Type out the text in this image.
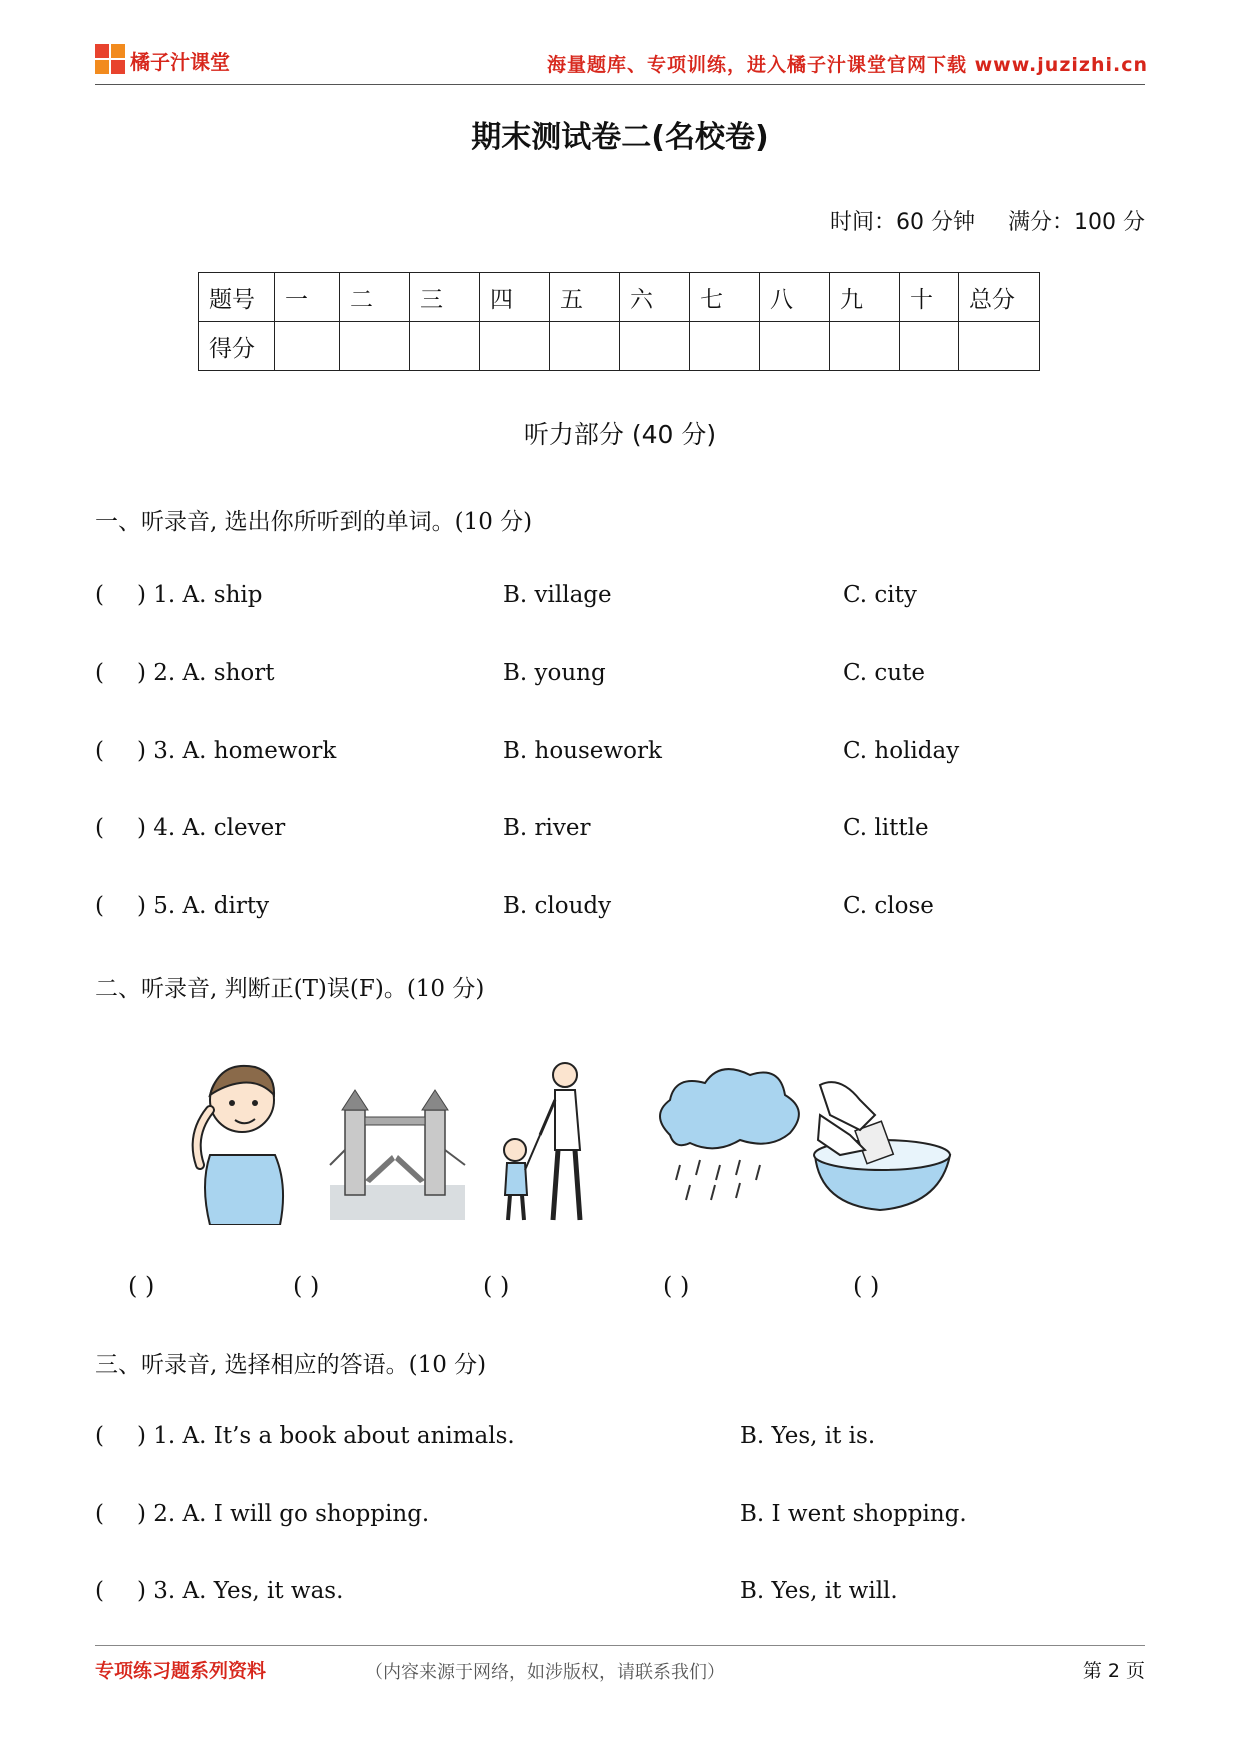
橘子汁课堂	海量题库、专项训练，进入橘子汁课堂官网下载 www.juzizhi.cn
期末测试卷二(名校卷)
时间：60 分钟 满分：100 分
题号	一	二	三	四	五	六	七	八	九	十	总分
得分											
听力部分 (40 分)
一、听录音, 选出你所听到的单词。(10 分)
( ) 1. A. ship	B. village	C. city
( ) 2. A. short	B. young	C. cute
( ) 3. A. homework	B. housework	C. holiday
( ) 4. A. clever	B. river	C. little
( ) 5. A. dirty	B. cloudy	C. close
二、听录音, 判断正(T)误(F)。(10 分)
( )	( )	( )	( )	( )
三、听录音, 选择相应的答语。(10 分)
( ) 1. A. It’s a book about animals.	B. Yes, it is.
( ) 2. A. I will go shopping.	B. I went shopping.
( ) 3. A. Yes, it was.	B. Yes, it will.
专项练习题系列资料	（内容来源于网络，如涉版权，请联系我们）	第 2 页
